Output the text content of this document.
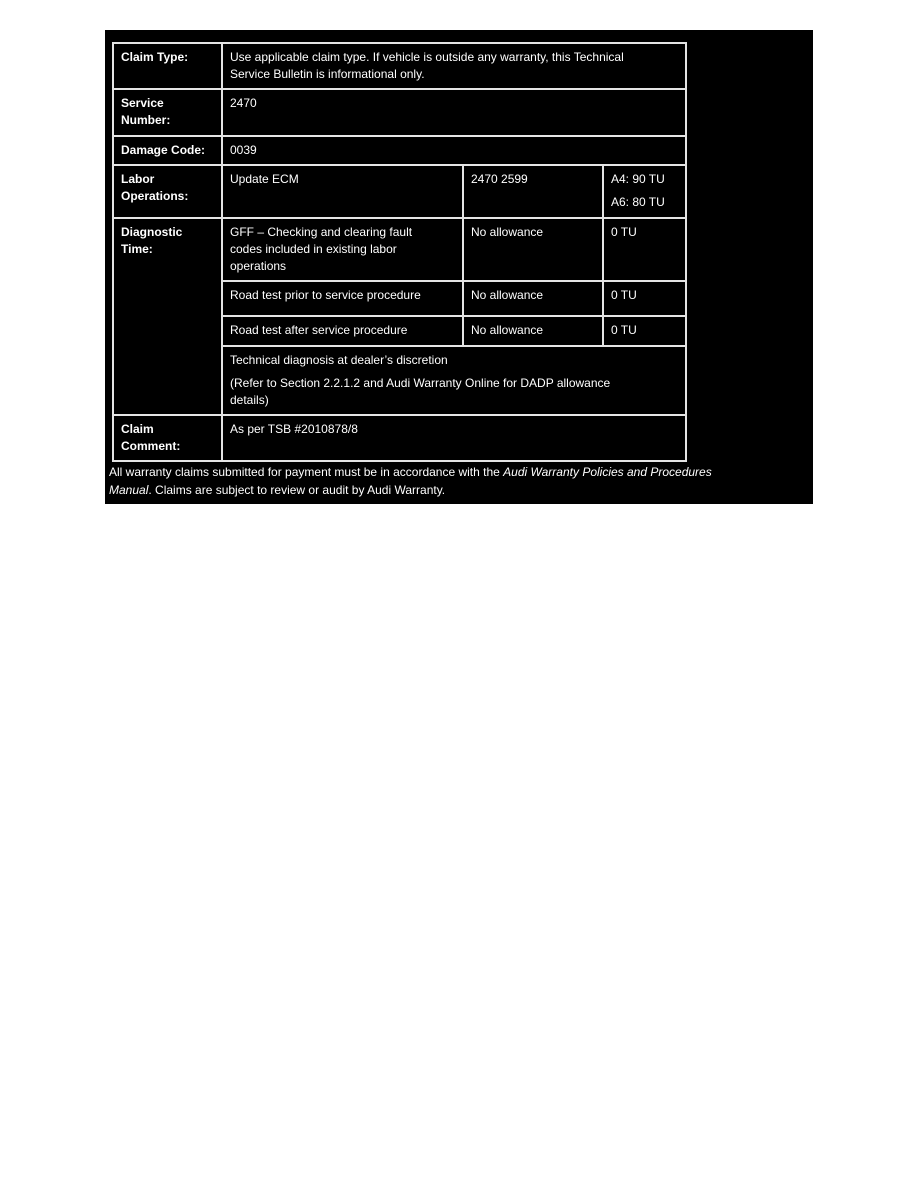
Claim Type:	Use applicable claim type. If vehicle is outside any warranty, this Technical
Service Bulletin is informational only.		

Service Number:	2470		
Damage Code:	0039		
Labor Operations:	Update ECM	2470 2599	A4: 90 TU
A6: 80 TU

Diagnostic Time:	GFF – Checking and clearing fault
codes included in existing labor
operations	No allowance	0 TU
	Road test prior to service procedure	No allowance	0 TU
	Road test after service procedure	No allowance	0 TU

	Technical diagnosis at dealer’s discretion
(Refer to Section 2.2.1.2 and Audi Warranty Online for DADP allowance
details)		

Claim Comment:	As per TSB #2010878/8		
All warranty claims submitted for payment must be in accordance with the Audi Warranty Policies and Procedures
Manual. Claims are subject to review or audit by Audi Warranty.
